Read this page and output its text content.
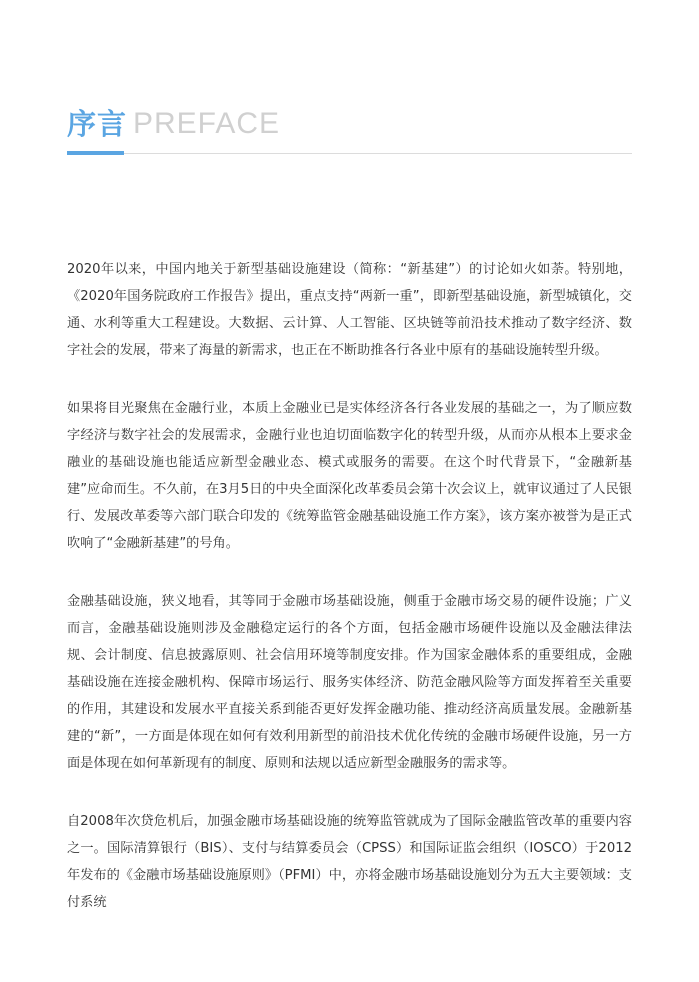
序言 PREFACE

2020年以来，中国内地关于新型基础设施建设（简称：“新基建”）的讨论如火如荼。特别地，《2020年国务院政府工作报告》提出，重点支持“两新一重”，即新型基础设施，新型城镇化，交通、水利等重大工程建设。大数据、云计算、人工智能、区块链等前沿技术推动了数字经济、数字社会的发展，带来了海量的新需求，也正在不断助推各行各业中原有的基础设施转型升级。

如果将目光聚焦在金融行业，本质上金融业已是实体经济各行各业发展的基础之一，为了顺应数字经济与数字社会的发展需求，金融行业也迫切面临数字化的转型升级，从而亦从根本上要求金融业的基础设施也能适应新型金融业态、模式或服务的需要。在这个时代背景下，“金融新基建”应命而生。不久前，在3月5日的中央全面深化改革委员会第十次会议上，就审议通过了人民银行、发展改革委等六部门联合印发的《统筹监管金融基础设施工作方案》，该方案亦被誉为是正式吹响了“金融新基建”的号角。

金融基础设施，狭义地看，其等同于金融市场基础设施，侧重于金融市场交易的硬件设施；广义而言，金融基础设施则涉及金融稳定运行的各个方面，包括金融市场硬件设施以及金融法律法规、会计制度、信息披露原则、社会信用环境等制度安排。作为国家金融体系的重要组成，金融基础设施在连接金融机构、保障市场运行、服务实体经济、防范金融风险等方面发挥着至关重要的作用，其建设和发展水平直接关系到能否更好发挥金融功能、推动经济高质量发展。金融新基建的“新”，一方面是体现在如何有效利用新型的前沿技术优化传统的金融市场硬件设施，另一方面是体现在如何革新现有的制度、原则和法规以适应新型金融服务的需求等。

自2008年次贷危机后，加强金融市场基础设施的统筹监管就成为了国际金融监管改革的重要内容之一。国际清算银行（BIS）、支付与结算委员会（CPSS）和国际证监会组织（IOSCO）于2012年发布的《金融市场基础设施原则》（PFMI）中，亦将金融市场基础设施划分为五大主要领域：支付系统
